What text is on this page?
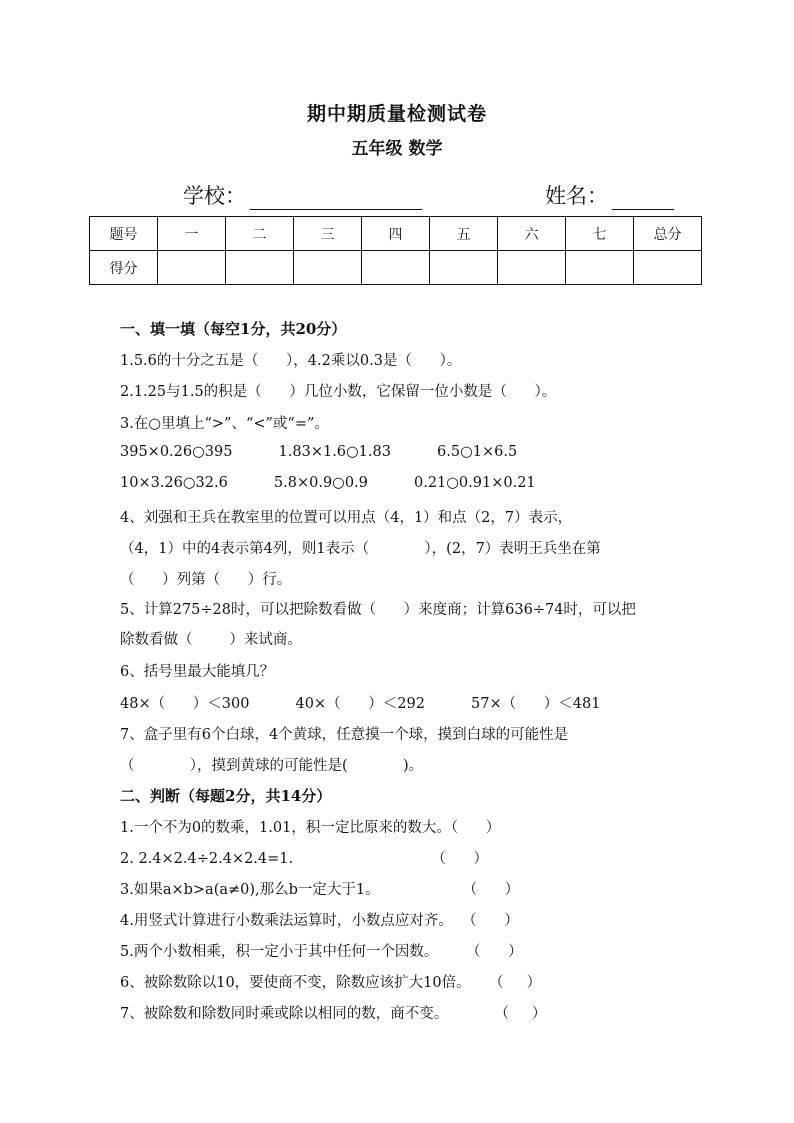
期中期质量检测试卷
五年级 数学
学校：	姓名：
题号	一	二	三	四	五	六	七	总分
得分								
一、填一填（每空1分，共20分）
1.5.6的十分之五是（      ），4.2乘以0.3是（      ）。
2.1.25与1.5的积是（      ）几位小数，它保留一位小数是（      ）。
3.在○里填上“>”、“<”或“=”。
395×0.26○395          1.83×1.6○1.83          6.5○1×6.5
10×3.26○32.6          5.8×0.9○0.9          0.21○0.91×0.21
4、刘强和王兵在教室里的位置可以用点（4，1）和点（2，7）表示，
（4，1）中的4表示第4列，则1表示（            ），(2，7）表明王兵坐在第
（      ）列第（      ）行。
5、计算275÷28时，可以把除数看做（      ）来度商；计算636÷74时，可以把
除数看做（        ）来试商。
6、括号里最大能填几？
48×（      ）＜300          40×（      ）＜292          57×（      ）＜481
7、盒子里有6个白球，4个黄球，任意摸一个球，摸到白球的可能性是
（            ），摸到黄球的可能性是(            )。
二、判断（每题2分，共14分）
1.一个不为0的数乘，1.01，积一定比原来的数大。（      ）
2. 2.4×2.4÷2.4×2.4=1.                              （      ）
3.如果a×b>a(a≠0),那么b一定大于1。                  （      ）
4.用竖式计算进行小数乘法运算时，小数点应对齐。  （      ）
5.两个小数相乘，积一定小于其中任何一个因数。      （      ）
6、被除数除以10，要使商不变，除数应该扩大10倍。    （     ）
7、被除数和除数同时乘或除以相同的数，商不变。          （     ）
